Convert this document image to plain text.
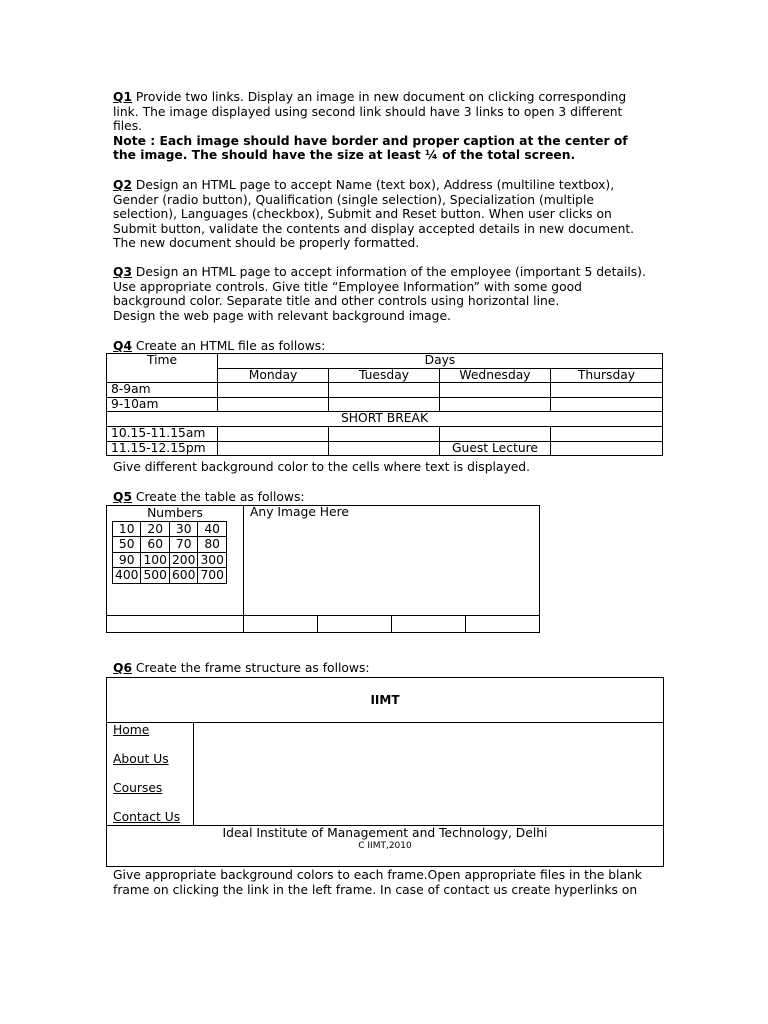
Q1 Provide two links. Display an image in new document on clicking corresponding link. The image displayed using second link should have 3 links to open 3 different files.

Note : Each image should have border and proper caption at the center of the image. The should have the size at least ¼ of the total screen.

Q2 Design an HTML page to accept Name (text box), Address (multiline textbox), Gender (radio button), Qualification (single selection), Specialization (multiple selection), Languages (checkbox), Submit and Reset button. When user clicks on Submit button, validate the contents and display accepted details in new document. The new document should be properly formatted.

Q3 Design an HTML page to accept information of the employee (important 5 details). Use appropriate controls. Give title “Employee Information” with some good background color. Separate title and other controls using horizontal line.

Design the web page with relevant background image.

Q4 Create an HTML file as follows:

Time	Days			
	Monday	Tuesday	Wednesday	Thursday
8-9am				
9-10am				
SHORT BREAK				
10.15-11.15am				
11.15-12.15pm			Guest Lecture	

Give different background color to the cells where text is displayed.

Q5 Create the table as follows:

Numbers
10	20	30	40
50	60	70	80
90	100	200	300
400	500	600	700
	Any Image Here

Q6 Create the frame structure as follows:

IIMT
Home
About Us
Courses
Contact Us
Ideal Institute of Management and Technology, Delhi
C IIMT,2010

Give appropriate background colors to each frame.Open appropriate files in the blank frame on clicking the link in the left frame. In case of contact us create hyperlinks on
